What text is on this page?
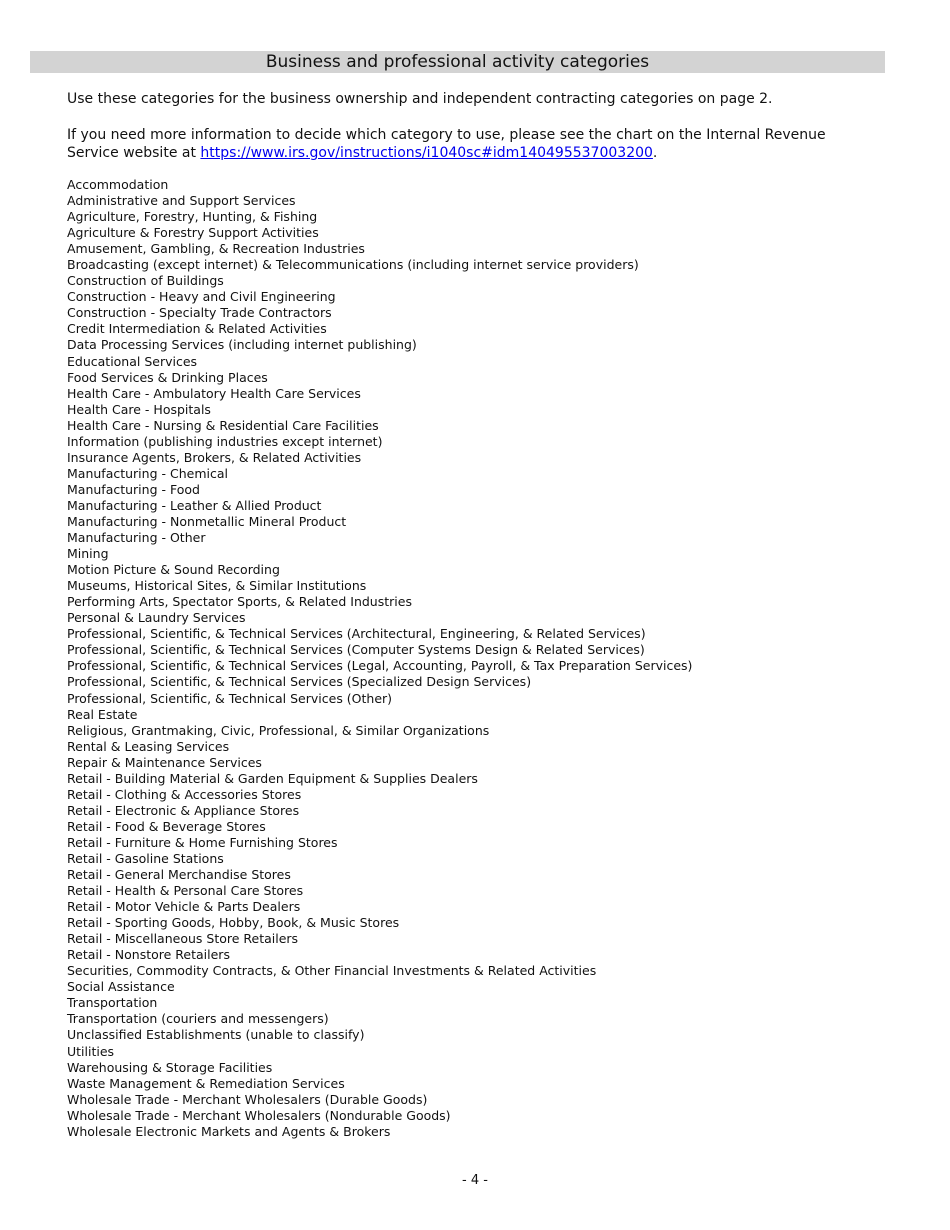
Business and professional activity categories

Use these categories for the business ownership and independent contracting categories on page 2.

If you need more information to decide which category to use, please see the chart on the Internal Revenue Service website at https://www.irs.gov/instructions/i1040sc#idm140495537003200.

Accommodation
Administrative and Support Services
Agriculture, Forestry, Hunting, & Fishing
Agriculture & Forestry Support Activities
Amusement, Gambling, & Recreation Industries
Broadcasting (except internet) & Telecommunications (including internet service providers)
Construction of Buildings
Construction - Heavy and Civil Engineering
Construction - Specialty Trade Contractors
Credit Intermediation & Related Activities
Data Processing Services (including internet publishing)
Educational Services
Food Services & Drinking Places
Health Care - Ambulatory Health Care Services
Health Care - Hospitals
Health Care - Nursing & Residential Care Facilities
Information (publishing industries except internet)
Insurance Agents, Brokers, & Related Activities
Manufacturing - Chemical
Manufacturing - Food
Manufacturing - Leather & Allied Product
Manufacturing - Nonmetallic Mineral Product
Manufacturing - Other
Mining
Motion Picture & Sound Recording
Museums, Historical Sites, & Similar Institutions
Performing Arts, Spectator Sports, & Related Industries
Personal & Laundry Services
Professional, Scientific, & Technical Services (Architectural, Engineering, & Related Services)
Professional, Scientific, & Technical Services (Computer Systems Design & Related Services)
Professional, Scientific, & Technical Services (Legal, Accounting, Payroll, & Tax Preparation Services)
Professional, Scientific, & Technical Services (Specialized Design Services)
Professional, Scientific, & Technical Services (Other)
Real Estate
Religious, Grantmaking, Civic, Professional, & Similar Organizations
Rental & Leasing Services
Repair & Maintenance Services
Retail - Building Material & Garden Equipment & Supplies Dealers
Retail - Clothing & Accessories Stores
Retail - Electronic & Appliance Stores
Retail - Food & Beverage Stores
Retail - Furniture & Home Furnishing Stores
Retail - Gasoline Stations
Retail - General Merchandise Stores
Retail - Health & Personal Care Stores
Retail - Motor Vehicle & Parts Dealers
Retail - Sporting Goods, Hobby, Book, & Music Stores
Retail - Miscellaneous Store Retailers
Retail - Nonstore Retailers
Securities, Commodity Contracts, & Other Financial Investments & Related Activities
Social Assistance
Transportation
Transportation (couriers and messengers)
Unclassified Establishments (unable to classify)
Utilities
Warehousing & Storage Facilities
Waste Management & Remediation Services
Wholesale Trade - Merchant Wholesalers (Durable Goods)
Wholesale Trade - Merchant Wholesalers (Nondurable Goods)
Wholesale Electronic Markets and Agents & Brokers
- 4 -
